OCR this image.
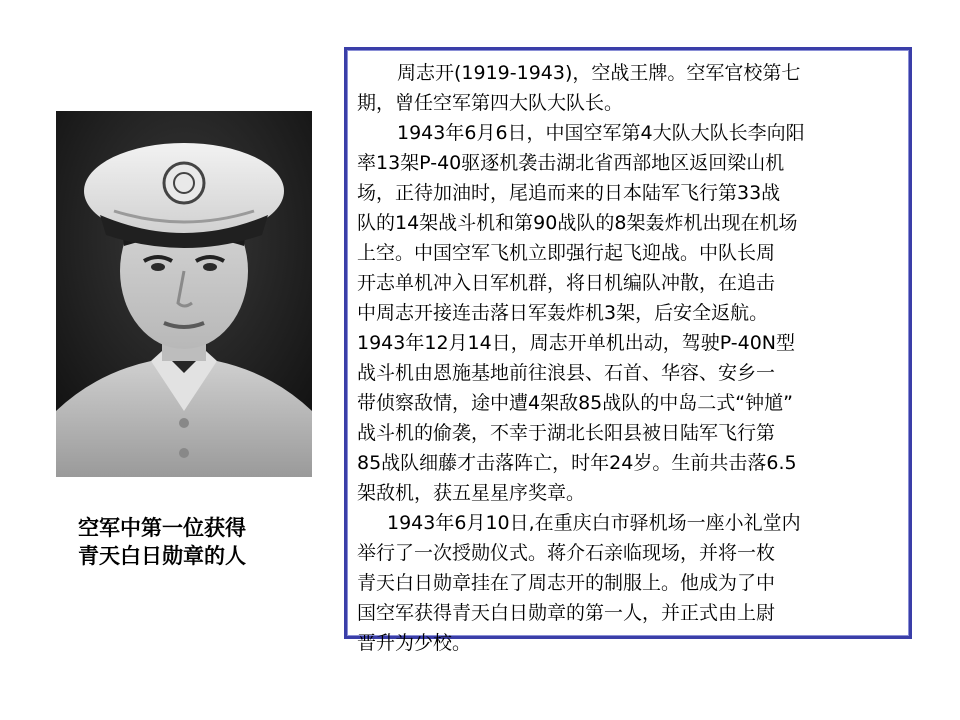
空军中第一位获得
青天白日勋章的人
周志开(1919-1943)，空战王牌。空军官校第七
期，曾任空军第四大队大队长。
1943年6月6日，中国空军第4大队大队长李向阳
率13架P-40驱逐机袭击湖北省西部地区返回梁山机
场，正待加油时，尾追而来的日本陆军飞行第33战
队的14架战斗机和第90战队的8架轰炸机出现在机场
上空。中国空军飞机立即强行起飞迎战。中队长周
开志单机冲入日军机群，将日机编队冲散，在追击
中周志开接连击落日军轰炸机3架，后安全返航。
1943年12月14日，周志开单机出动，驾驶P-40N型
战斗机由恩施基地前往浪县、石首、华容、安乡一
带侦察敌情，途中遭4架敌85战队的中岛二式“钟馗”
战斗机的偷袭，不幸于湖北长阳县被日陆军飞行第
85战队细藤才击落阵亡，时年24岁。生前共击落6.5
架敌机，获五星星序奖章。
1943年6月10日,在重庆白市驿机场一座小礼堂内
举行了一次授勋仪式。蒋介石亲临现场，并将一枚
青天白日勋章挂在了周志开的制服上。他成为了中
国空军获得青天白日勋章的第一人，并正式由上尉
晋升为少校。
